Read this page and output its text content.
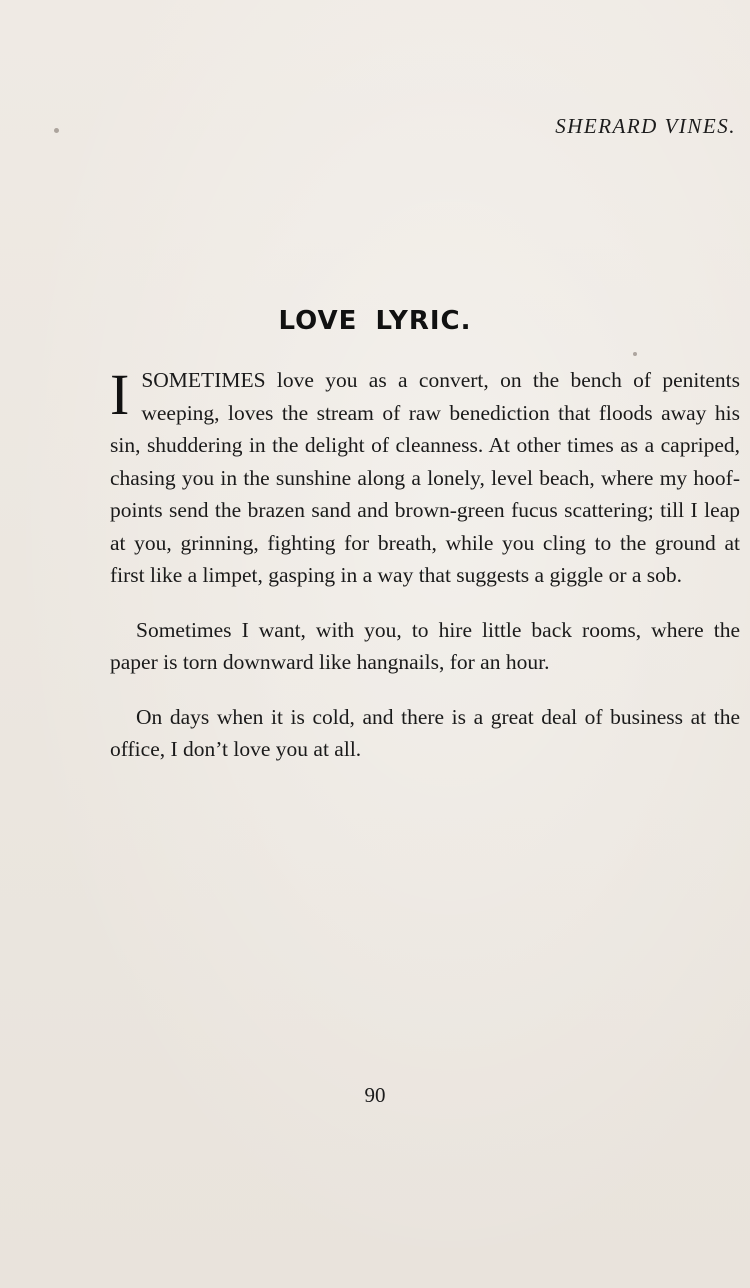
SHERARD VINES.
LOVE LYRIC.

ISOMETIMES love you as a convert, on the bench of penitents weeping, loves the stream of raw benediction that floods away his sin, shuddering in the delight of cleanness. At other times as a capriped, chasing you in the sunshine along a lonely, level beach, where my hoof-points send the brazen sand and brown-green fucus scattering; till I leap at you, grinning, fighting for breath, while you cling to the ground at first like a limpet, gasping in a way that suggests a giggle or a sob.

Sometimes I want, with you, to hire little back rooms, where the paper is torn downward like hangnails, for an hour.

On days when it is cold, and there is a great deal of business at the office, I don’t love you at all.

90
